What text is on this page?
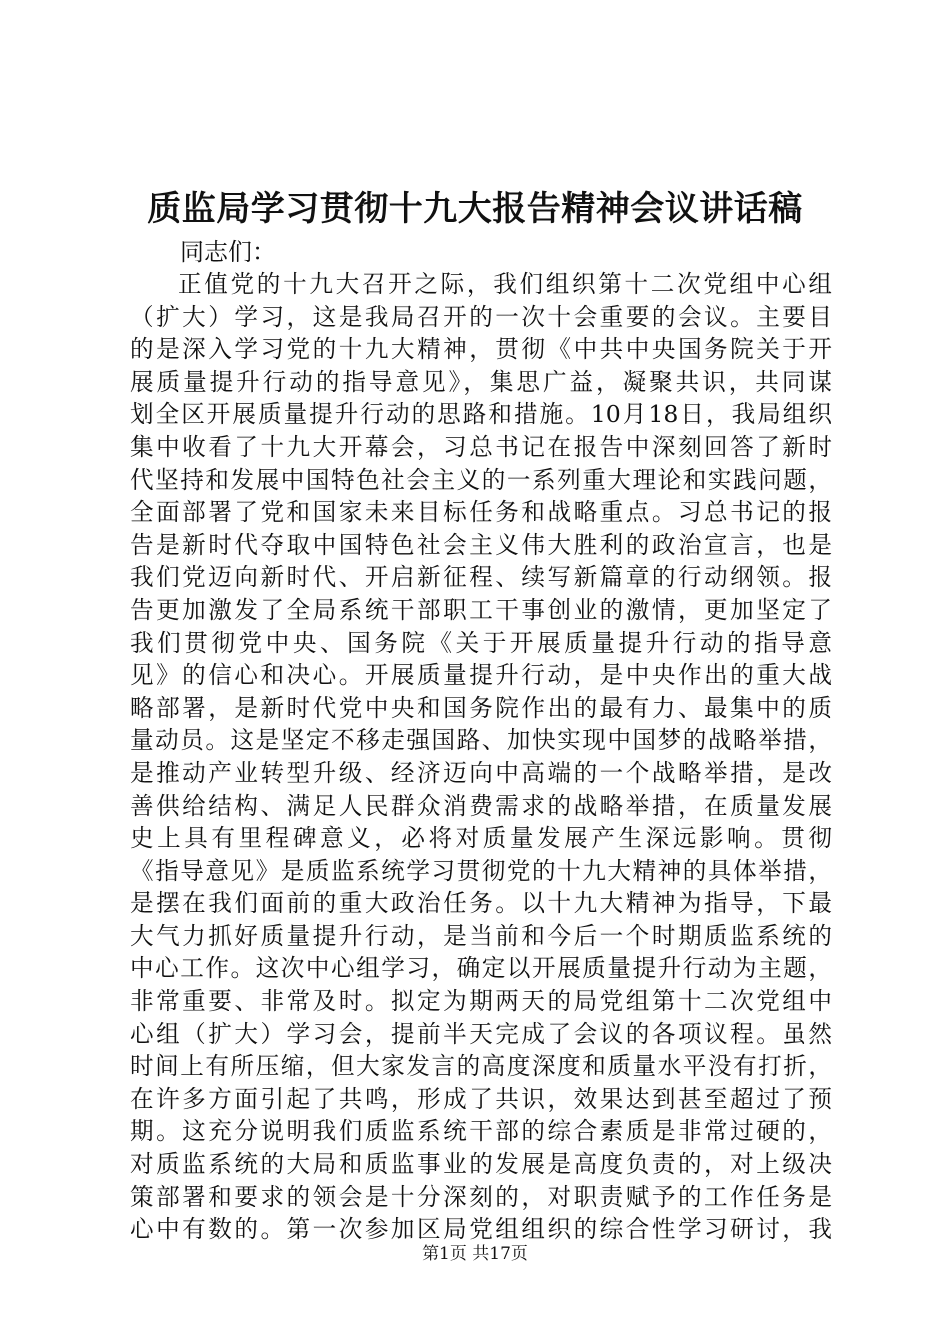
质监局学习贯彻十九大报告精神会议讲话稿
同志们：
正值党的十九大召开之际，我们组织第十二次党组中心组
（扩大）学习，这是我局召开的一次十会重要的会议。主要目
的是深入学习党的十九大精神，贯彻《中共中央国务院关于开
展质量提升行动的指导意见》，集思广益，凝聚共识，共同谋
划全区开展质量提升行动的思路和措施。10月18日，我局组织
集中收看了十九大开幕会，习总书记在报告中深刻回答了新时
代坚持和发展中国特色社会主义的一系列重大理论和实践问题，
全面部署了党和国家未来目标任务和战略重点。习总书记的报
告是新时代夺取中国特色社会主义伟大胜利的政治宣言，也是
我们党迈向新时代、开启新征程、续写新篇章的行动纲领。报
告更加激发了全局系统干部职工干事创业的激情，更加坚定了
我们贯彻党中央、国务院《关于开展质量提升行动的指导意
见》的信心和决心。开展质量提升行动，是中央作出的重大战
略部署，是新时代党中央和国务院作出的最有力、最集中的质
量动员。这是坚定不移走强国路、加快实现中国梦的战略举措，
是推动产业转型升级、经济迈向中高端的一个战略举措，是改
善供给结构、满足人民群众消费需求的战略举措，在质量发展
史上具有里程碑意义，必将对质量发展产生深远影响。贯彻
《指导意见》是质监系统学习贯彻党的十九大精神的具体举措，
是摆在我们面前的重大政治任务。以十九大精神为指导，下最
大气力抓好质量提升行动，是当前和今后一个时期质监系统的
中心工作。这次中心组学习，确定以开展质量提升行动为主题，
非常重要、非常及时。拟定为期两天的局党组第十二次党组中
心组（扩大）学习会，提前半天完成了会议的各项议程。虽然
时间上有所压缩，但大家发言的高度深度和质量水平没有打折，
在许多方面引起了共鸣，形成了共识，效果达到甚至超过了预
期。这充分说明我们质监系统干部的综合素质是非常过硬的，
对质监系统的大局和质监事业的发展是高度负责的，对上级决
策部署和要求的领会是十分深刻的，对职责赋予的工作任务是
心中有数的。第一次参加区局党组组织的综合性学习研讨，我
第1页 共17页
